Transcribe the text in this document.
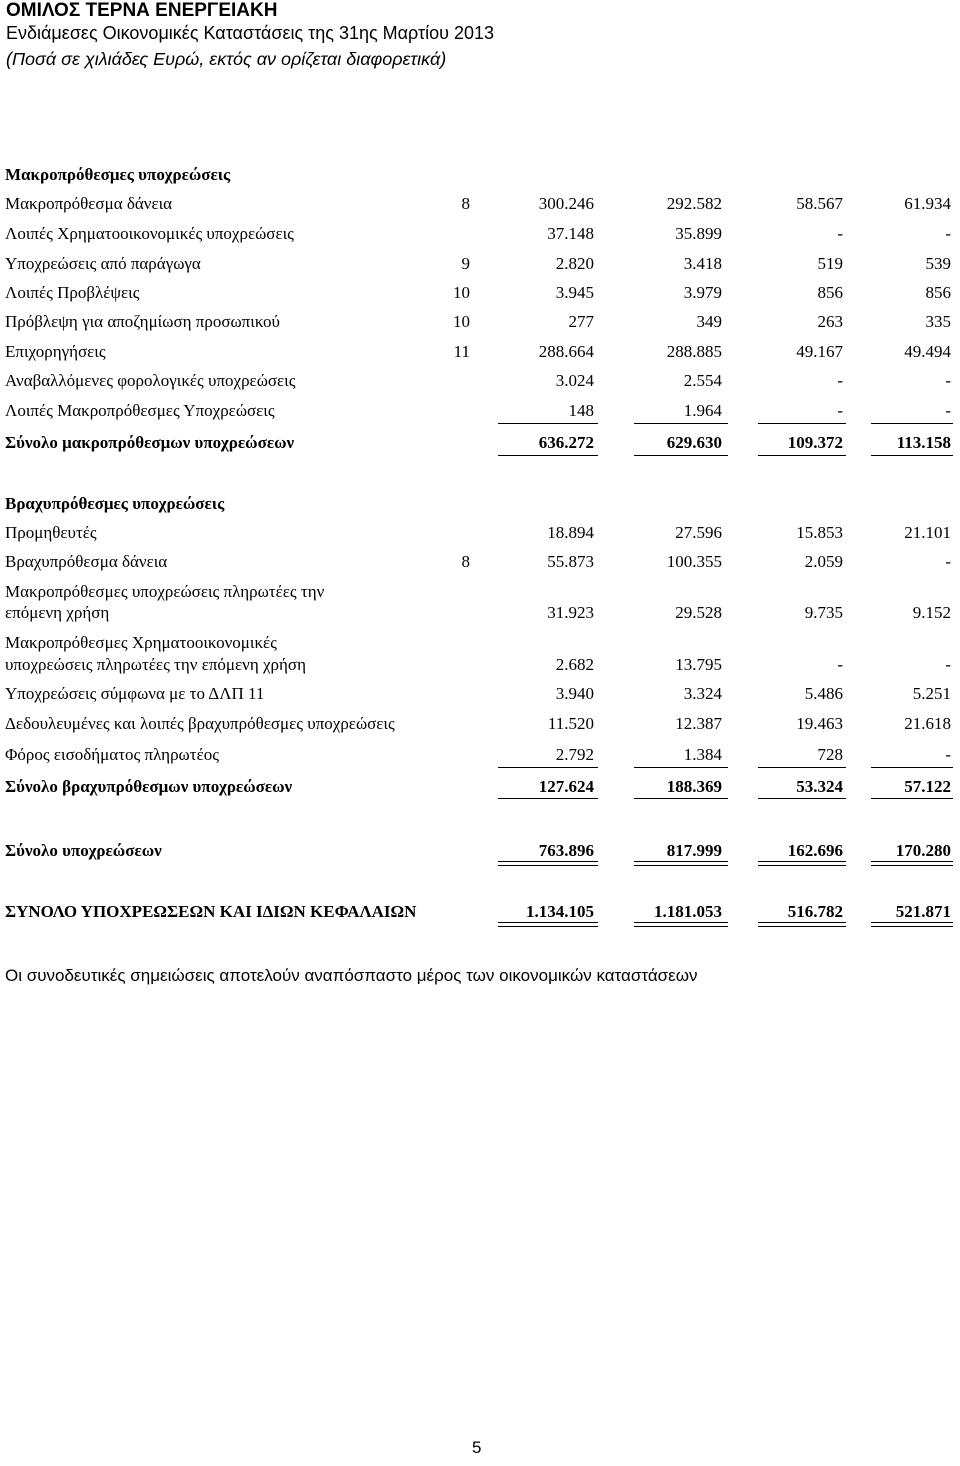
ΟΜΙΛΟΣ ΤΕΡΝΑ ΕΝΕΡΓΕΙΑΚΗ
Ενδιάμεσες Οικονομικές Καταστάσεις της 31ης Μαρτίου 2013
(Ποσά σε χιλιάδες Ευρώ, εκτός αν ορίζεται διαφορετικά)
Μακροπρόθεσμες υποχρεώσεις
Μακροπρόθεσμα δάνεια	8	300.246	292.582	58.567	61.934
Λοιπές Χρηματοοικονομικές υποχρεώσεις	37.148	35.899	-	-
Υποχρεώσεις από παράγωγα	9	2.820	3.418	519	539
Λοιπές Προβλέψεις	10	3.945	3.979	856	856
Πρόβλεψη για αποζημίωση προσωπικού	10	277	349	263	335
Επιχορηγήσεις	11	288.664	288.885	49.167	49.494
Αναβαλλόμενες φορολογικές υποχρεώσεις	3.024	2.554	-	-
Λοιπές Μακροπρόθεσμες Υποχρεώσεις	148	1.964	-	-
Σύνολο μακροπρόθεσμων υποχρεώσεων	636.272	629.630	109.372	113.158
Βραχυπρόθεσμες υποχρεώσεις
Προμηθευτές	18.894	27.596	15.853	21.101
Βραχυπρόθεσμα δάνεια	8	55.873	100.355	2.059	-
Μακροπρόθεσμες υποχρεώσεις πληρωτέες την
επόμενη χρήση	31.923	29.528	9.735	9.152
Μακροπρόθεσμες Χρηματοοικονομικές
υποχρεώσεις πληρωτέες την επόμενη χρήση	2.682	13.795	-	-
Υποχρεώσεις σύμφωνα με το ΔΛΠ 11	3.940	3.324	5.486	5.251
Δεδουλευμένες και λοιπές βραχυπρόθεσμες υποχρεώσεις	11.520	12.387	19.463	21.618
Φόρος εισοδήματος πληρωτέος	2.792	1.384	728	-
Σύνολο βραχυπρόθεσμων υποχρεώσεων	127.624	188.369	53.324	57.122
Σύνολο υποχρεώσεων	763.896	817.999	162.696	170.280
ΣΥΝΟΛΟ ΥΠΟΧΡΕΩΣΕΩΝ ΚΑΙ ΙΔΙΩΝ ΚΕΦΑΛΑΙΩΝ	1.134.105	1.181.053	516.782	521.871
Οι συνοδευτικές σημειώσεις αποτελούν αναπόσπαστο μέρος των οικονομικών καταστάσεων
5
